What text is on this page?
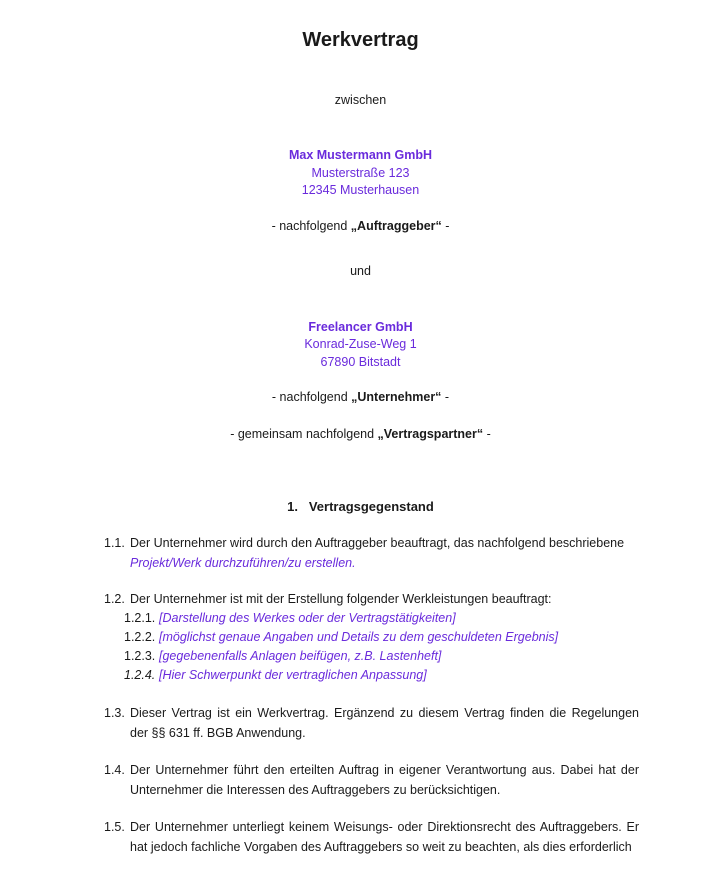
Werkvertrag
zwischen
Max Mustermann GmbH
Musterstraße 123
12345 Musterhausen
- nachfolgend „Auftraggeber“ -
und
Freelancer GmbH
Konrad-Zuse-Weg 1
67890 Bitstadt
- nachfolgend „Unternehmer“ -
- gemeinsam nachfolgend „Vertragspartner“ -
1.   Vertragsgegenstand
1.1. Der Unternehmer wird durch den Auftraggeber beauftragt, das nachfolgend beschriebene
Projekt/Werk durchzuführen/zu erstellen.
1.2. Der Unternehmer ist mit der Erstellung folgender Werkleistungen beauftragt:
1.2.1. [Darstellung des Werkes oder der Vertragstätigkeiten]
1.2.2. [möglichst genaue Angaben und Details zu dem geschuldeten Ergebnis]
1.2.3. [gegebenenfalls Anlagen beifügen, z.B. Lastenheft]
1.2.4. [Hier Schwerpunkt der vertraglichen Anpassung]
1.3. Dieser Vertrag ist ein Werkvertrag. Ergänzend zu diesem Vertrag finden die Regelungen der §§ 631 ff. BGB Anwendung.
1.4. Der Unternehmer führt den erteilten Auftrag in eigener Verantwortung aus. Dabei hat der Unternehmer die Interessen des Auftraggebers zu berücksichtigen.
1.5. Der Unternehmer unterliegt keinem Weisungs- oder Direktionsrecht des Auftraggebers. Er hat jedoch fachliche Vorgaben des Auftraggebers so weit zu beachten, als dies erforderlich
